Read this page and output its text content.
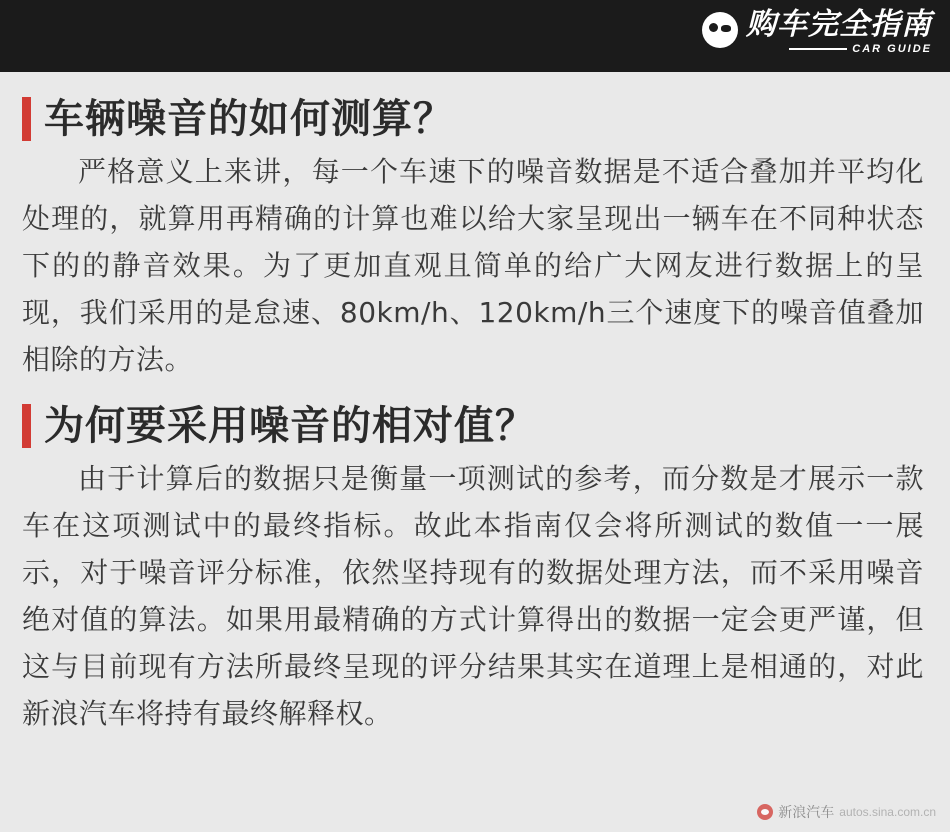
购车完全指南
CAR GUIDE
车辆噪音的如何测算？

严格意义上来讲，每一个车速下的噪音数据是不适合叠加并平均化处理的，就算用再精确的计算也难以给大家呈现出一辆车在不同种状态下的的静音效果。为了更加直观且简单的给广大网友进行数据上的呈现，我们采用的是怠速、80km/h、120km/h三个速度下的噪音值叠加相除的方法。

为何要采用噪音的相对值？

由于计算后的数据只是衡量一项测试的参考，而分数是才展示一款车在这项测试中的最终指标。故此本指南仅会将所测试的数值一一展示，对于噪音评分标准，依然坚持现有的数据处理方法，而不采用噪音绝对值的算法。如果用最精确的方式计算得出的数据一定会更严谨，但这与目前现有方法所最终呈现的评分结果其实在道理上是相通的，对此新浪汽车将持有最终解释权。

新浪汽车 autos.sina.com.cn
